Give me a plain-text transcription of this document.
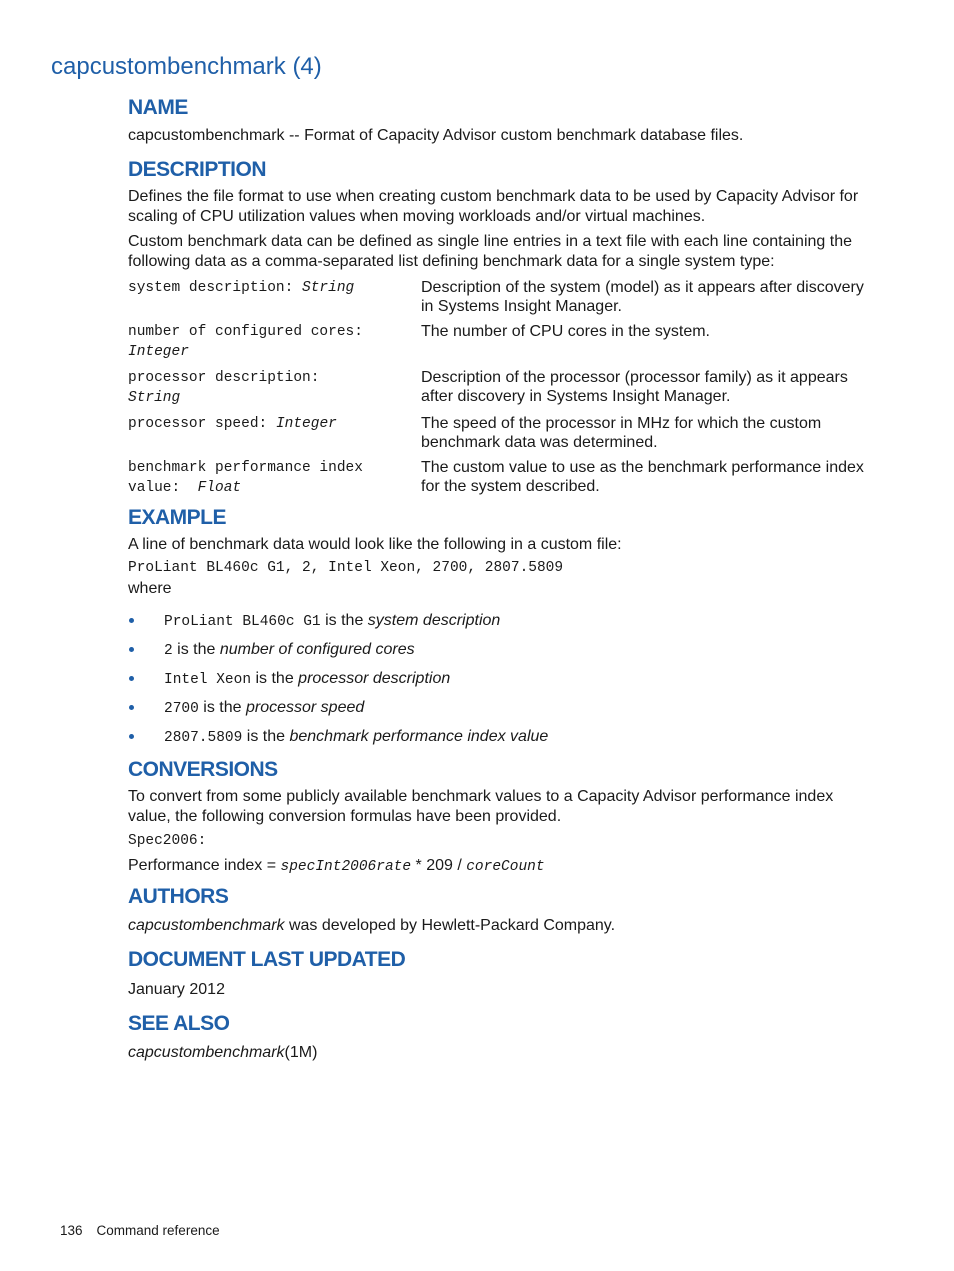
capcustombenchmark (4)
NAME

capcustombenchmark -- Format of Capacity Advisor custom benchmark database files.

DESCRIPTION

Defines the file format to use when creating custom benchmark data to be used by Capacity Advisor for scaling of CPU utilization values when moving workloads and/or virtual machines.

Custom benchmark data can be defined as single line entries in a text file with each line containing the following data as a comma-separated list defining benchmark data for a single system type:

system description: String	Description of the system (model) as it appears after discovery in Systems Insight Manager.
number of configured cores:
Integer
The number of CPU cores in the system.
processor description:
String
Description of the processor (processor family) as it appears after discovery in Systems Insight Manager.
processor speed: Integer	The speed of the processor in MHz for which the custom benchmark data was determined.
benchmark performance index value: Float
The custom value to use as the benchmark performance index for the system described.
EXAMPLE

A line of benchmark data would look like the following in a custom file:

ProLiant BL460c G1, 2, Intel Xeon, 2700, 2807.5809

where

ProLiant BL460c G1 is the system description
2 is the number of configured cores
Intel Xeon is the processor description
2700 is the processor speed
2807.5809 is the benchmark performance index value
CONVERSIONS

To convert from some publicly available benchmark values to a Capacity Advisor performance index value, the following conversion formulas have been provided.

Spec2006:

Performance index = specInt2006rate * 209 / coreCount

AUTHORS

capcustombenchmark was developed by Hewlett-Packard Company.

DOCUMENT LAST UPDATED

January 2012

SEE ALSO

capcustombenchmark(1M)

136 Command reference
